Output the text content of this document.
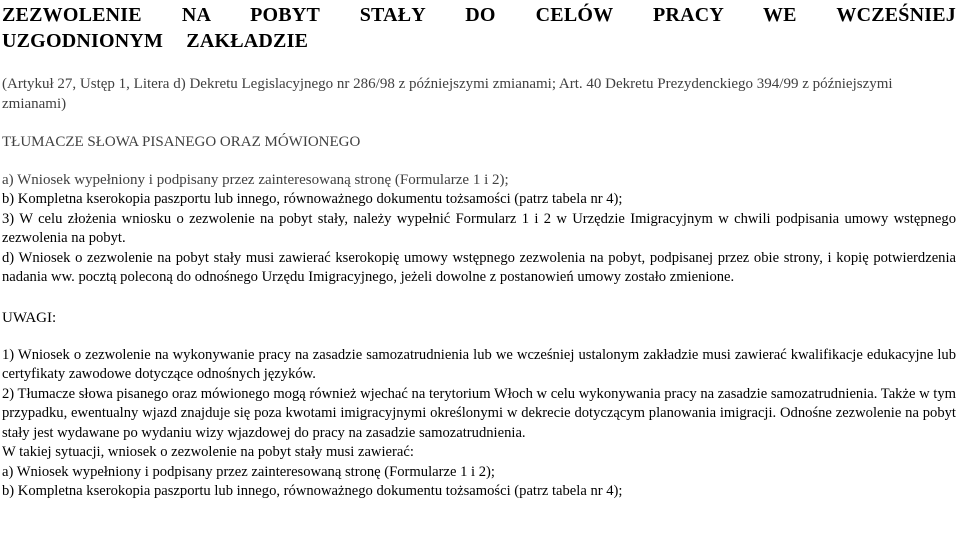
ZEZWOLENIE NA POBYT STAŁY DO CELÓW PRACY WE WCZEŚNIEJ UZGODNIONYM ZAKŁADZIE

(Artykuł 27, Ustęp 1, Litera d) Dekretu Legislacyjnego nr 286/98 z późniejszymi zmianami; Art. 40 Dekretu Prezydenckiego 394/99 z późniejszymi zmianami)

TŁUMACZE SŁOWA PISANEGO ORAZ MÓWIONEGO

a) Wniosek wypełniony i podpisany przez zainteresowaną stronę (Formularze 1 i 2);

b) Kompletna kserokopia paszportu lub innego, równoważnego dokumentu tożsamości (patrz tabela nr 4);

3) W celu złożenia wniosku o zezwolenie na pobyt stały, należy wypełnić Formularz 1 i 2 w Urzędzie Imigracyjnym w chwili podpisania umowy wstępnego zezwolenia na pobyt.

d) Wniosek o zezwolenie na pobyt stały musi zawierać kserokopię umowy wstępnego zezwolenia na pobyt, podpisanej przez obie strony, i kopię potwierdzenia nadania ww. pocztą poleconą do odnośnego Urzędu Imigracyjnego, jeżeli dowolne z postanowień umowy zostało zmienione.

UWAGI:

1) Wniosek o zezwolenie na wykonywanie pracy na zasadzie samozatrudnienia lub we wcześniej ustalonym zakładzie musi zawierać kwalifikacje edukacyjne lub certyfikaty zawodowe dotyczące odnośnych języków.

2) Tłumacze słowa pisanego oraz mówionego mogą również wjechać na terytorium Włoch w celu wykonywania pracy na zasadzie samozatrudnienia. Także w tym przypadku, ewentualny wjazd znajduje się poza kwotami imigracyjnymi określonymi w dekrecie dotyczącym planowania imigracji. Odnośne zezwolenie na pobyt stały jest wydawane po wydaniu wizy wjazdowej do pracy na zasadzie samozatrudnienia.

W takiej sytuacji, wniosek o zezwolenie na pobyt stały musi zawierać:

a) Wniosek wypełniony i podpisany przez zainteresowaną stronę (Formularze 1 i 2);

b) Kompletna kserokopia paszportu lub innego, równoważnego dokumentu tożsamości (patrz tabela nr 4);
